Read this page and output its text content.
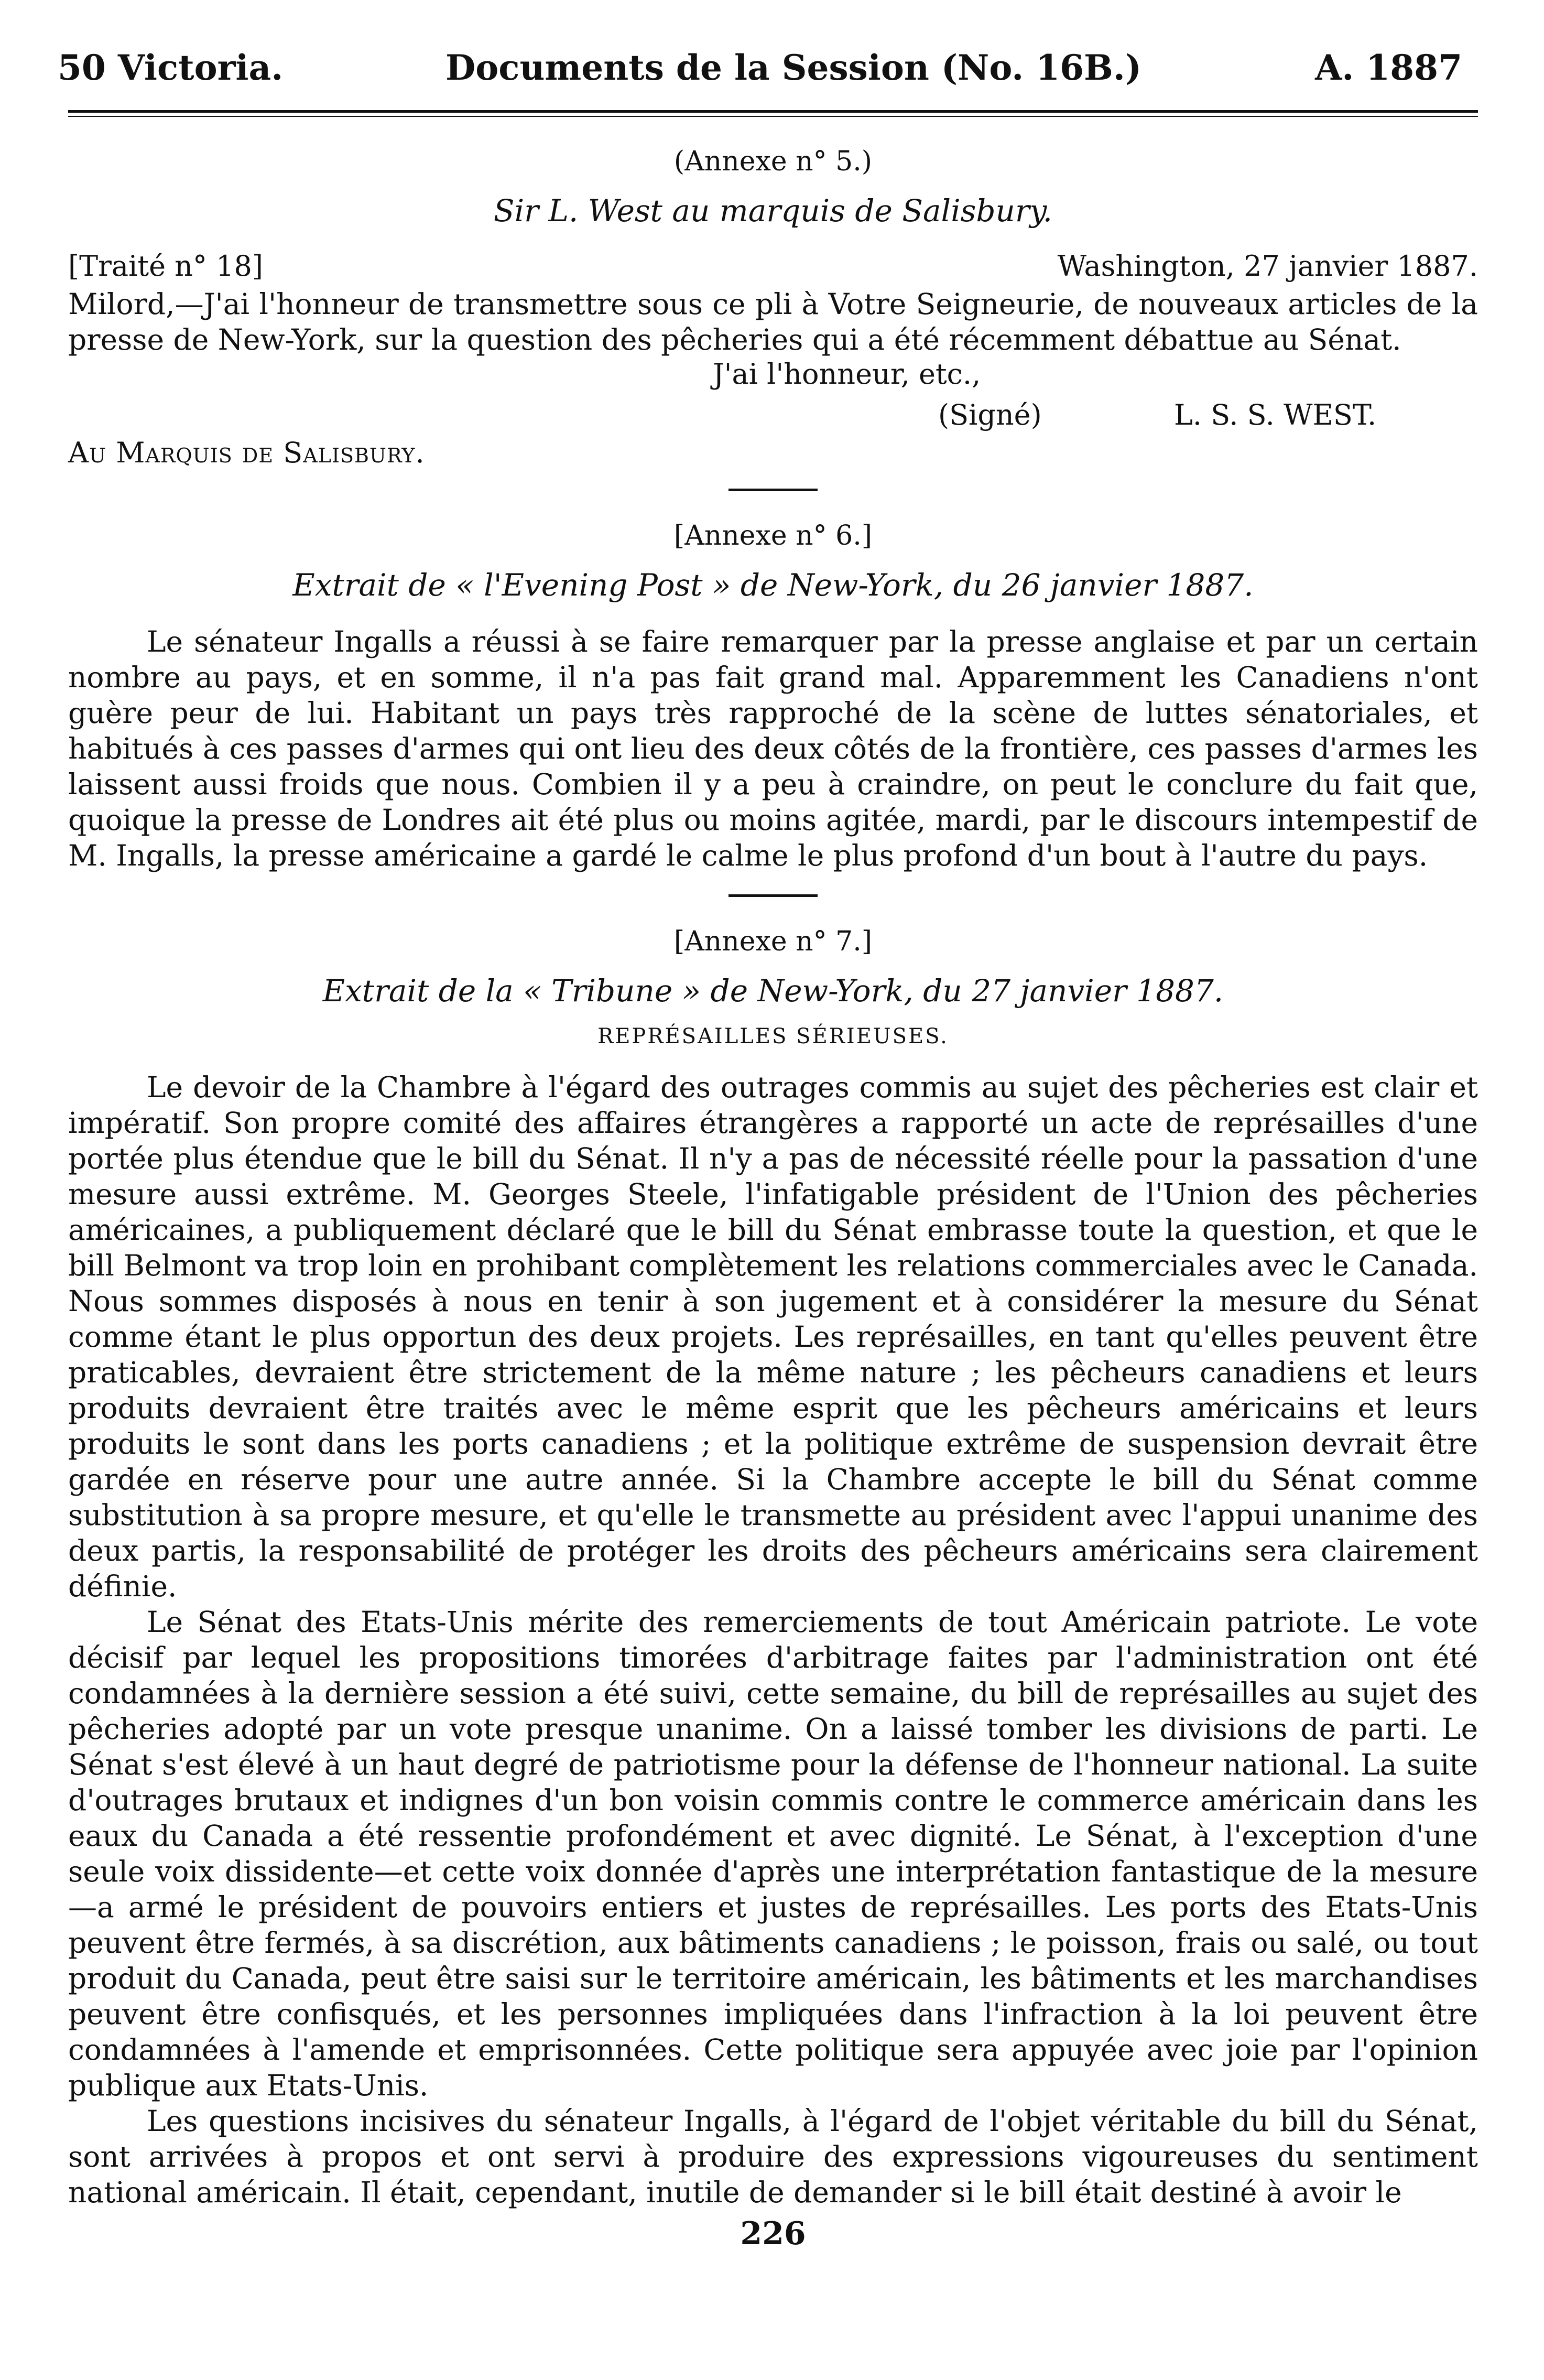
50 Victoria.	Documents de la Session (No. 16B.)	A. 1887
(Annexe n° 5.)
Sir L. West au marquis de Salisbury.
[Traité n° 18]	Washington, 27 janvier 1887.

Milord,—J'ai l'honneur de transmettre sous ce pli à Votre Seigneurie, de nouveaux articles de la presse de New-York, sur la question des pêcheries qui a été récemment débattue au Sénat.

J'ai l'honneur, etc.,
(Signé)	L. S. S. WEST.
Au Marquis de Salisbury.
[Annexe n° 6.]
Extrait de « l'Evening Post » de New-York, du 26 janvier 1887.

Le sénateur Ingalls a réussi à se faire remarquer par la presse anglaise et par un certain nombre au pays, et en somme, il n'a pas fait grand mal. Apparemment les Canadiens n'ont guère peur de lui. Habitant un pays très rapproché de la scène de luttes sénatoriales, et habitués à ces passes d'armes qui ont lieu des deux côtés de la frontière, ces passes d'armes les laissent aussi froids que nous. Combien il y a peu à craindre, on peut le conclure du fait que, quoique la presse de Londres ait été plus ou moins agitée, mardi, par le discours intempestif de M. Ingalls, la presse américaine a gardé le calme le plus profond d'un bout à l'autre du pays.

[Annexe n° 7.]
Extrait de la « Tribune » de New-York, du 27 janvier 1887.
REPRÉSAILLES SÉRIEUSES.

Le devoir de la Chambre à l'égard des outrages commis au sujet des pêcheries est clair et impératif. Son propre comité des affaires étrangères a rapporté un acte de représailles d'une portée plus étendue que le bill du Sénat. Il n'y a pas de nécessité réelle pour la passation d'une mesure aussi extrême. M. Georges Steele, l'infatigable président de l'Union des pêcheries américaines, a publiquement déclaré que le bill du Sénat embrasse toute la question, et que le bill Belmont va trop loin en prohibant complètement les relations commerciales avec le Canada. Nous sommes disposés à nous en tenir à son jugement et à considérer la mesure du Sénat comme étant le plus opportun des deux projets. Les représailles, en tant qu'elles peuvent être praticables, devraient être strictement de la même nature ; les pêcheurs canadiens et leurs produits devraient être traités avec le même esprit que les pêcheurs américains et leurs produits le sont dans les ports canadiens ; et la politique extrême de suspension devrait être gardée en réserve pour une autre année. Si la Chambre accepte le bill du Sénat comme substitution à sa propre mesure, et qu'elle le transmette au président avec l'appui unanime des deux partis, la responsabilité de protéger les droits des pêcheurs américains sera clairement définie.

Le Sénat des Etats-Unis mérite des remerciements de tout Américain patriote. Le vote décisif par lequel les propositions timorées d'arbitrage faites par l'administration ont été condamnées à la dernière session a été suivi, cette semaine, du bill de représailles au sujet des pêcheries adopté par un vote presque unanime. On a laissé tomber les divisions de parti. Le Sénat s'est élevé à un haut degré de patriotisme pour la défense de l'honneur national. La suite d'outrages brutaux et indignes d'un bon voisin commis contre le commerce américain dans les eaux du Canada a été ressentie profondément et avec dignité. Le Sénat, à l'exception d'une seule voix dissidente—et cette voix donnée d'après une interprétation fantastique de la mesure—a armé le président de pouvoirs entiers et justes de représailles. Les ports des Etats-Unis peuvent être fermés, à sa discrétion, aux bâtiments canadiens ; le poisson, frais ou salé, ou tout produit du Canada, peut être saisi sur le territoire américain, les bâtiments et les marchandises peuvent être confisqués, et les personnes impliquées dans l'infraction à la loi peuvent être condamnées à l'amende et emprisonnées. Cette politique sera appuyée avec joie par l'opinion publique aux Etats-Unis.

Les questions incisives du sénateur Ingalls, à l'égard de l'objet véritable du bill du Sénat, sont arrivées à propos et ont servi à produire des expressions vigoureuses du sentiment national américain. Il était, cependant, inutile de demander si le bill était destiné à avoir le

226
